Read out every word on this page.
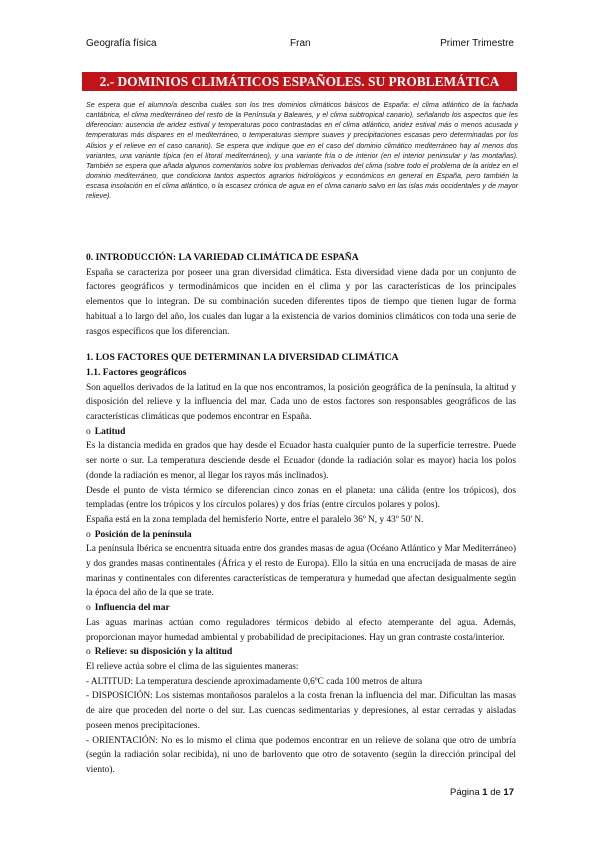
Geografía física	Fran	Primer Trimestre
2.- DOMINIOS CLIMÁTICOS ESPAÑOLES. SU PROBLEMÁTICA

Se espera que el alumno/a describa cuáles son los tres dominios climáticos básicos de España: el clima atlántico de la fachada cantábrica, el clima mediterráneo del resto de la Península y Baleares, y el clima subtropical canario), señalando los aspectos que les diferencian: ausencia de aridez estival y temperaturas poco contrastadas en el clima atlántico, aridez estival más o menos acusada y temperaturas más dispares en el mediterráneo, o temperaturas siempre suaves y precipitaciones escasas pero determinadas por los Alisios y el relieve en el caso canario). Se espera que indique que en el caso del dominio climático mediterráneo hay al menos dos variantes, una variante típica (en el litoral mediterráneo), y una variante fría o de interior (en el interior peninsular y las montañas). También se espera que añada algunos comentarios sobre los problemas derivados del clima (sobre todo el problema de la aridez en el dominio mediterráneo, que condiciona tantos aspectos agrarios hidrológicos y económicos en general en España, pero también la escasa insolación en el clima atlántico, o la escasez crónica de agua en el clima canario salvo en las islas más occidentales y de mayor relieve).

0. INTRODUCCIÓN: LA VARIEDAD CLIMÁTICA DE ESPAÑA

España se caracteriza por poseer una gran diversidad climática. Esta diversidad viene dada por un conjunto de factores geográficos y termodinámicos que inciden en el clima y por las características de los principales elementos que lo integran. De su combinación suceden diferentes tipos de tiempo que tienen lugar de forma habitual a lo largo del año, los cuales dan lugar a la existencia de varios dominios climáticos con toda una serie de rasgos específicos que los diferencian.

1. LOS FACTORES QUE DETERMINAN LA DIVERSIDAD CLIMÁTICA
1.1. Factores geográficos

Son aquellos derivados de la latitud en la que nos encontramos, la posición geográfica de la península, la altitud y disposición del relieve y la influencia del mar. Cada uno de estos factores son responsables geográficos de las características climáticas que podemos encontrar en España.

o Latitud

Es la distancia medida en grados que hay desde el Ecuador hasta cualquier punto de la superficie terrestre. Puede ser norte o sur. La temperatura desciende desde el Ecuador (donde la radiación solar es mayor) hacia los polos (donde la radiación es menor, al llegar los rayos más inclinados).

Desde el punto de vista térmico se diferencian cinco zonas en el planeta: una cálida (entre los trópicos), dos templadas (entre los trópicos y los círculos polares) y dos frías (entre círculos polares y polos).

España está en la zona templada del hemisferio Norte, entre el paralelo 36º N, y 43º 50' N.

o Posición de la península

La península Ibérica se encuentra situada entre dos grandes masas de agua (Océano Atlántico y Mar Mediterráneo) y dos grandes masas continentales (África y el resto de Europa). Ello la sitúa en una encrucijada de masas de aire marinas y continentales con diferentes características de temperatura y humedad que afectan desigualmente según la época del año de la que se trate.

o Influencia del mar

Las aguas marinas actúan como reguladores térmicos debido al efecto atemperante del agua. Además, proporcionan mayor humedad ambiental y probabilidad de precipitaciones. Hay un gran contraste costa/interior.

o Relieve: su disposición y la altitud

El relieve actúa sobre el clima de las siguientes maneras:

- ALTITUD: La temperatura desciende aproximadamente 0,6ºC cada 100 metros de altura

- DISPOSICIÓN: Los sistemas montañosos paralelos a la costa frenan la influencia del mar. Dificultan las masas de aire que proceden del norte o del sur. Las cuencas sedimentarias y depresiones, al estar cerradas y aisladas poseen menos precipitaciones.

- ORIENTACIÓN: No es lo mismo el clima que podemos encontrar en un relieve de solana que otro de umbría (según la radiación solar recibida), ni uno de barlovento que otro de sotavento (según la dirección principal del viento).

Página 1 de 17
